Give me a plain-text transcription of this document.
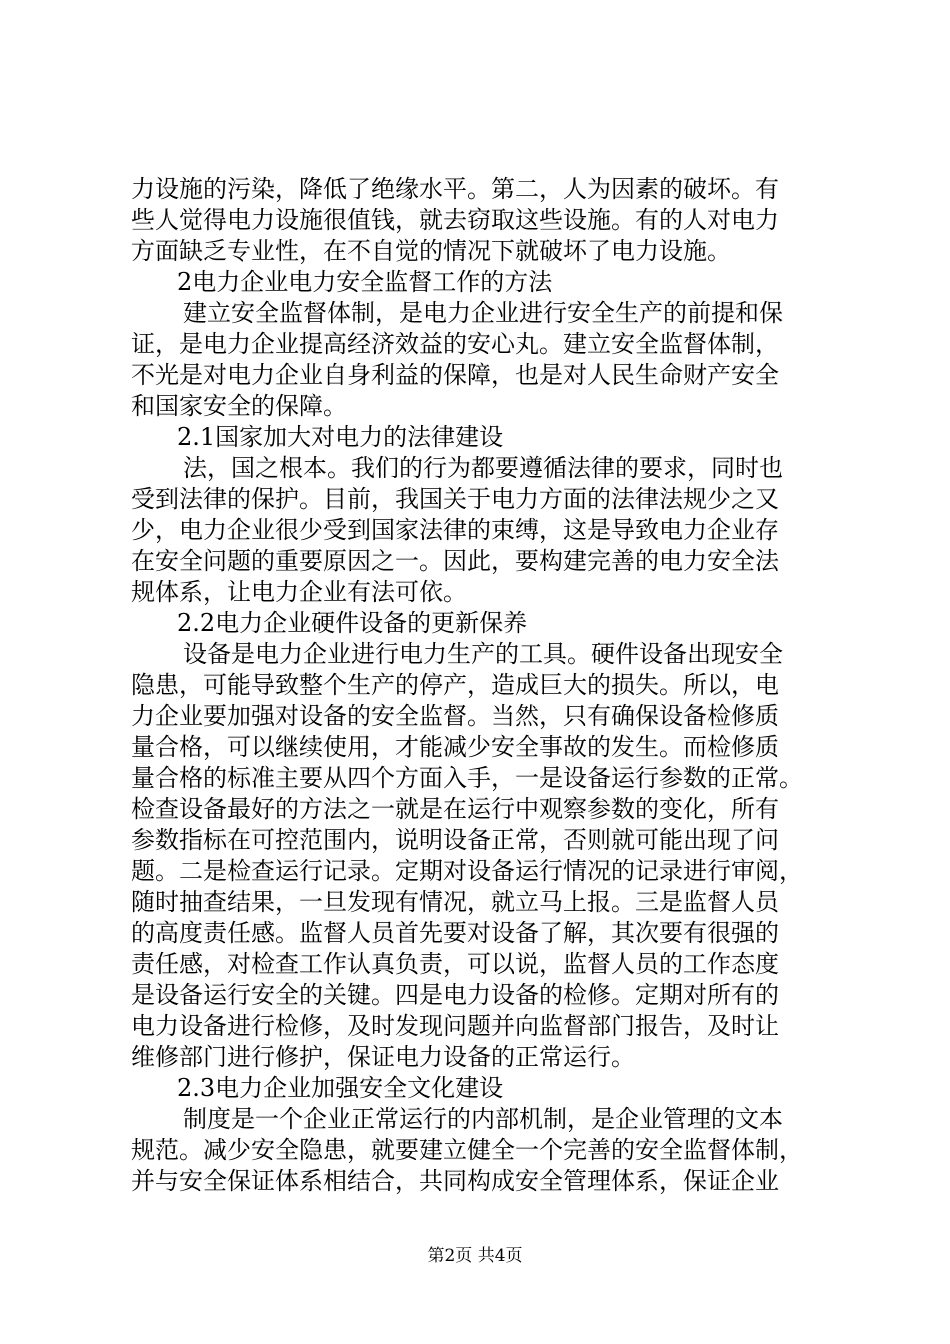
力设施的污染，降低了绝缘水平。第二，人为因素的破坏。有
些人觉得电力设施很值钱，就去窃取这些设施。有的人对电力
方面缺乏专业性，在不自觉的情况下就破坏了电力设施。
2电力企业电力安全监督工作的方法
建立安全监督体制，是电力企业进行安全生产的前提和保
证，是电力企业提高经济效益的安心丸。建立安全监督体制，
不光是对电力企业自身利益的保障，也是对人民生命财产安全
和国家安全的保障。
2.1国家加大对电力的法律建设
法，国之根本。我们的行为都要遵循法律的要求，同时也
受到法律的保护。目前，我国关于电力方面的法律法规少之又
少，电力企业很少受到国家法律的束缚，这是导致电力企业存
在安全问题的重要原因之一。因此，要构建完善的电力安全法
规体系，让电力企业有法可依。
2.2电力企业硬件设备的更新保养
设备是电力企业进行电力生产的工具。硬件设备出现安全
隐患，可能导致整个生产的停产，造成巨大的损失。所以，电
力企业要加强对设备的安全监督。当然，只有确保设备检修质
量合格，可以继续使用，才能减少安全事故的发生。而检修质
量合格的标准主要从四个方面入手，一是设备运行参数的正常。
检查设备最好的方法之一就是在运行中观察参数的变化，所有
参数指标在可控范围内，说明设备正常，否则就可能出现了问
题。二是检查运行记录。定期对设备运行情况的记录进行审阅，
随时抽查结果，一旦发现有情况，就立马上报。三是监督人员
的高度责任感。监督人员首先要对设备了解，其次要有很强的
责任感，对检查工作认真负责，可以说，监督人员的工作态度
是设备运行安全的关键。四是电力设备的检修。定期对所有的
电力设备进行检修，及时发现问题并向监督部门报告，及时让
维修部门进行修护，保证电力设备的正常运行。
2.3电力企业加强安全文化建设
制度是一个企业正常运行的内部机制，是企业管理的文本
规范。减少安全隐患，就要建立健全一个完善的安全监督体制，
并与安全保证体系相结合，共同构成安全管理体系，保证企业
第2页 共4页
